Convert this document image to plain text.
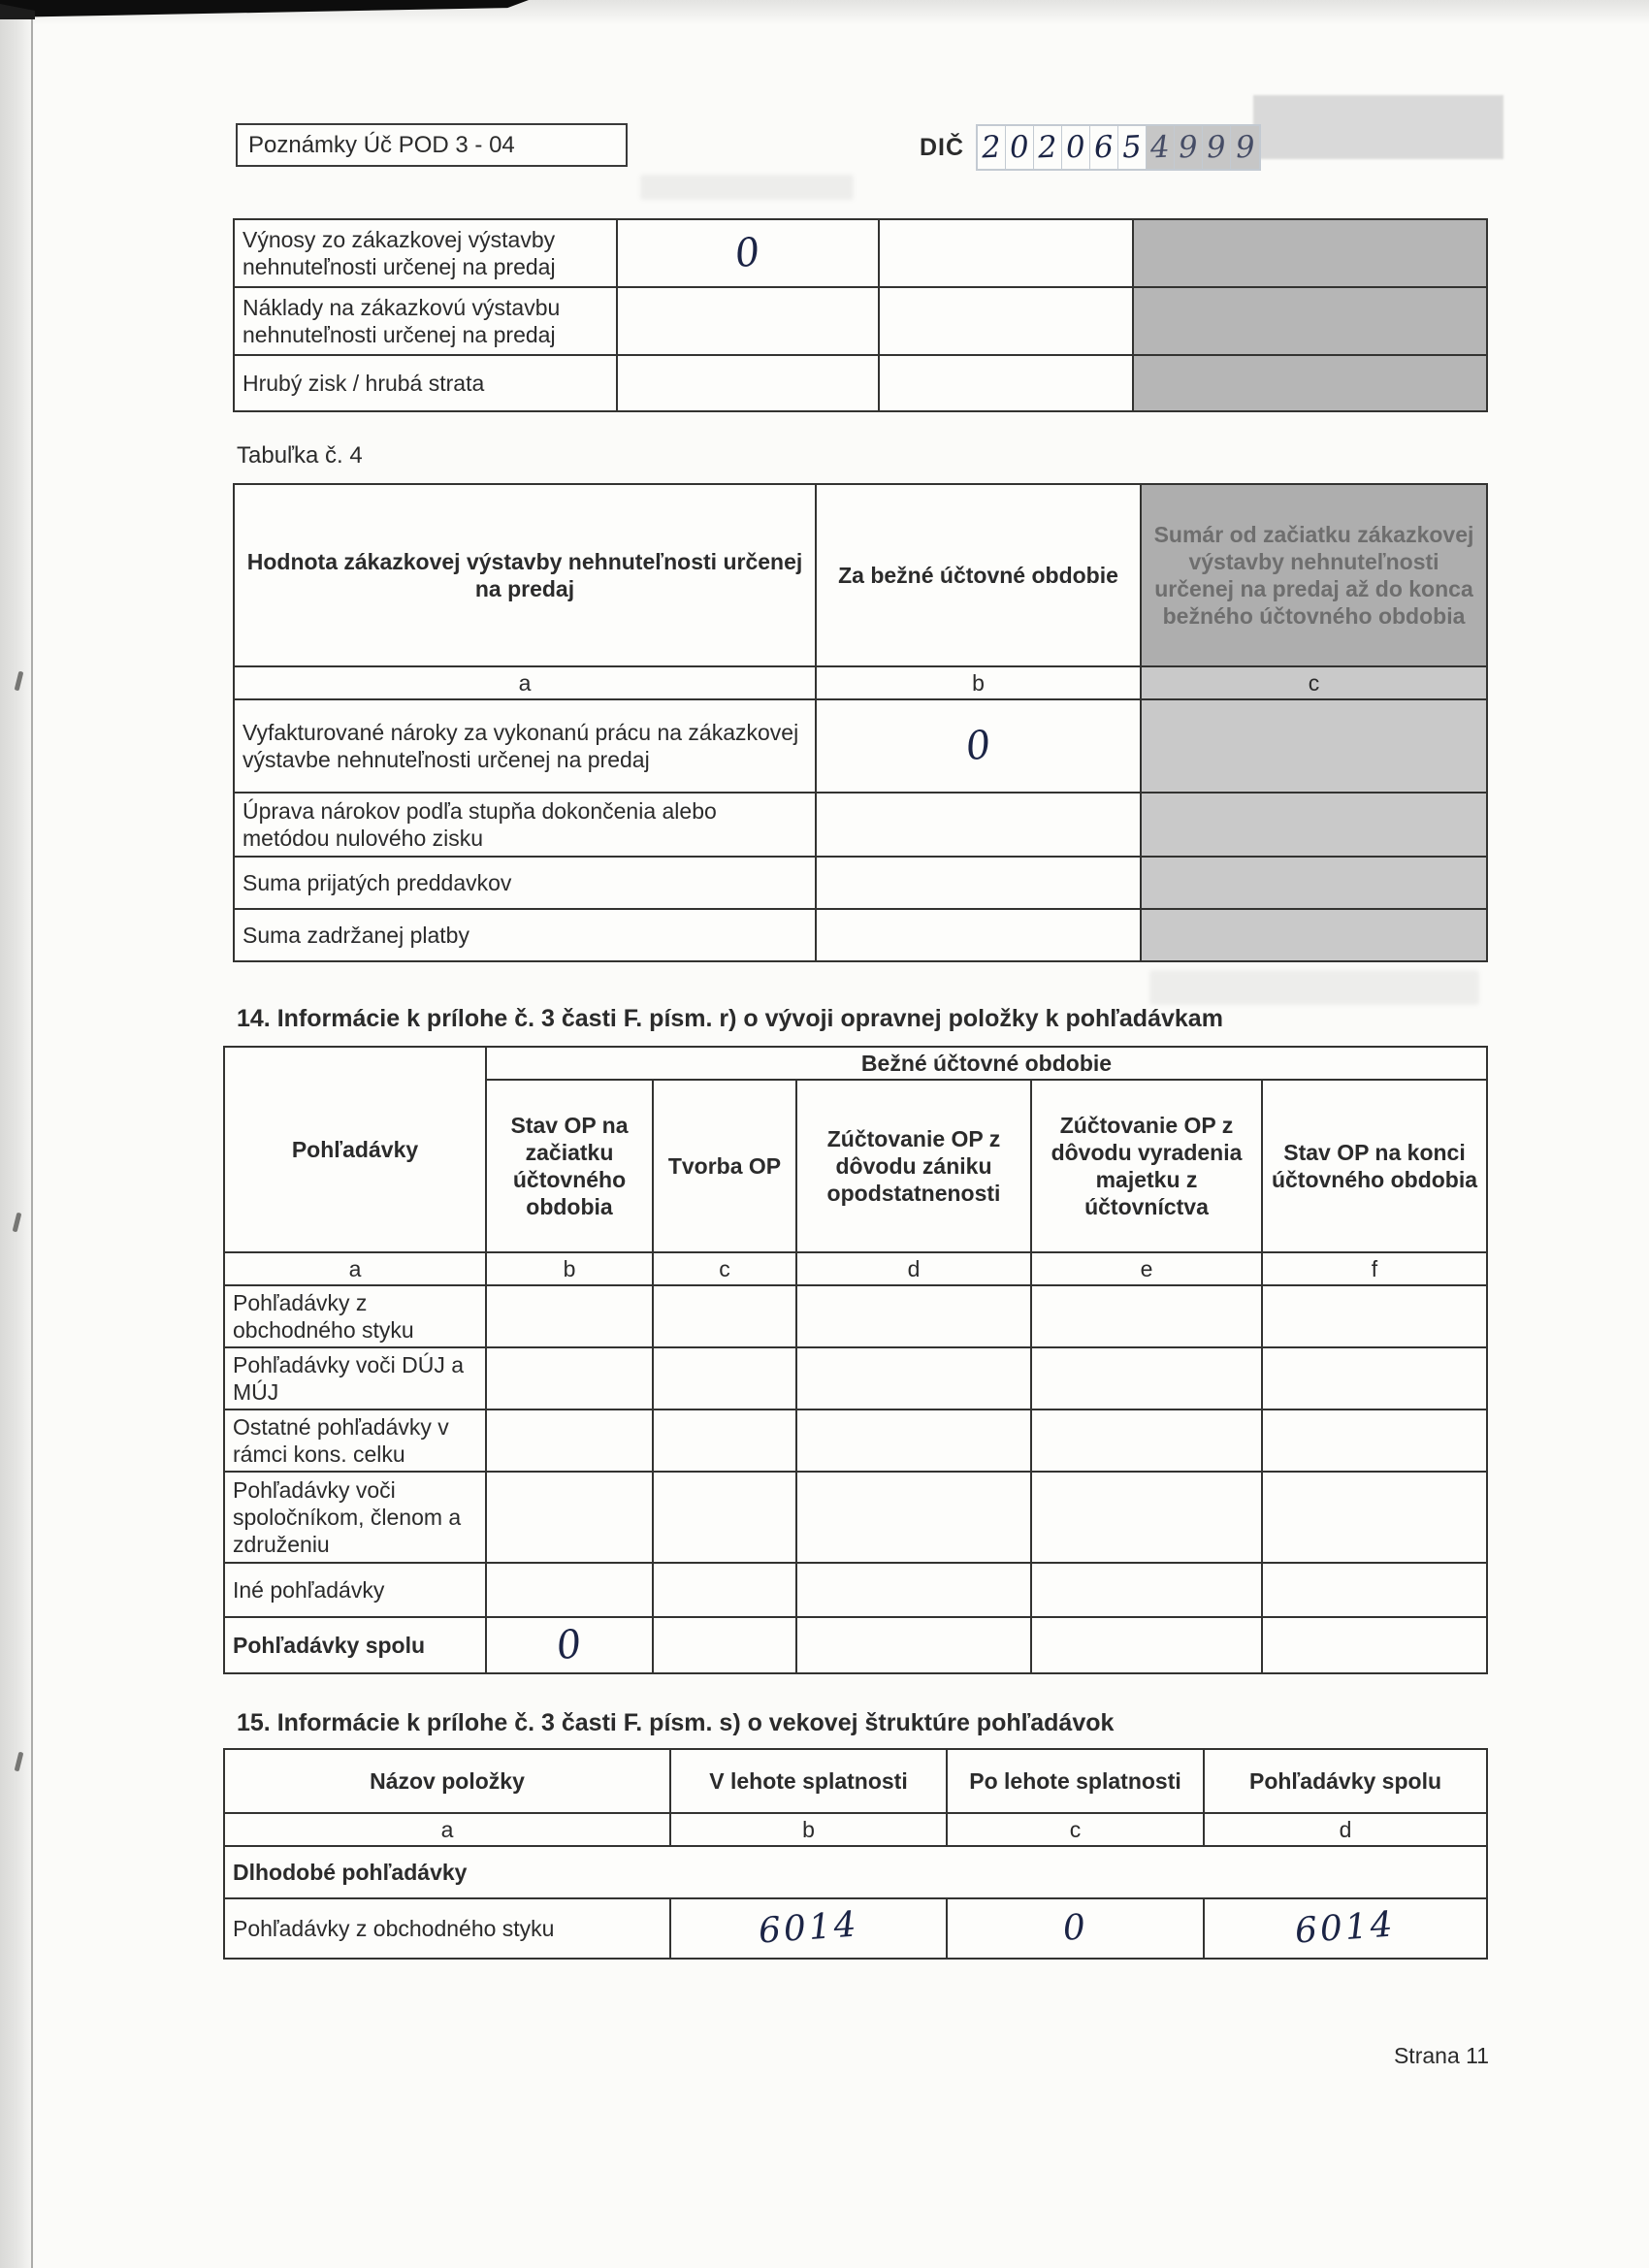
Poznámky Úč POD 3 - 04	DIČ 2 0 2 0 6 5 4 9 9 9
Výnosy zo zákazkovej výstavby nehnuteľnosti určenej na predaj	0		
Náklady na zákazkovú výstavbu nehnuteľnosti určenej na predaj			
Hrubý zisk / hrubá strata			
Tabuľka č. 4
Hodnota zákazkovej výstavby nehnuteľnosti určenej na predaj	Za bežné účtovné obdobie	Sumár od začiatku zákazkovej výstavby nehnuteľnosti určenej na predaj až do konca bežného účtovného obdobia
a	b	c
Vyfakturované nároky za vykonanú prácu na zákazkovej výstavbe nehnuteľnosti určenej na predaj	0	
Úprava nárokov podľa stupňa dokončenia alebo metódou nulového zisku		
Suma prijatých preddavkov		
Suma zadržanej platby		
14. Informácie k prílohe č. 3 časti F. písm. r) o vývoji opravnej položky k pohľadávkam
Pohľadávky	Bežné účtovné obdobie				
	Stav OP na začiatku účtovného obdobia	Tvorba OP	Zúčtovanie OP z dôvodu zániku opodstatnenosti	Zúčtovanie OP z dôvodu vyradenia majetku z účtovníctva	Stav OP na konci účtovného obdobia
a	b	c	d	e	f
Pohľadávky z obchodného styku					
Pohľadávky voči DÚJ a MÚJ					
Ostatné pohľadávky v rámci kons. celku					
Pohľadávky voči spoločníkom, členom a združeniu					
Iné pohľadávky					
Pohľadávky spolu	0				
15. Informácie k prílohe č. 3 časti F. písm. s) o vekovej štruktúre pohľadávok
Názov položky	V lehote splatnosti	Po lehote splatnosti	Pohľadávky spolu
a	b	c	d
Dlhodobé pohľadávky			
Pohľadávky z obchodného styku	6014	0	6014
Strana 11
